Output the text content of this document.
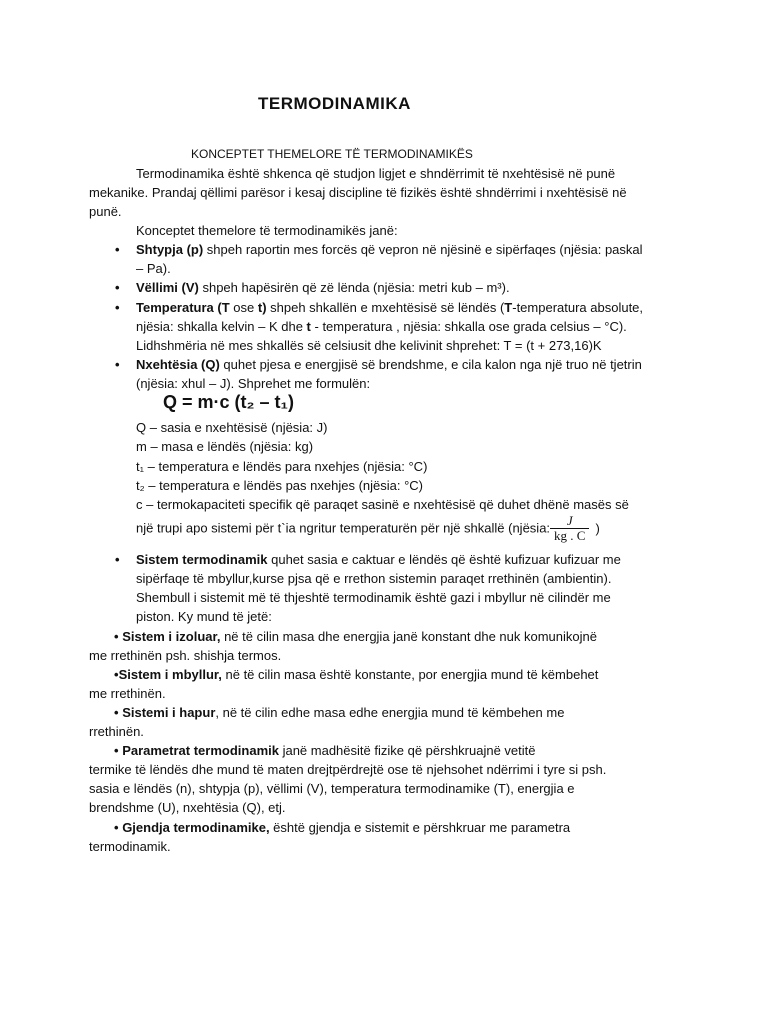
TERMODINAMIKA
KONCEPTET THEMELORE TË TERMODINAMIKËS
Termodinamika është shkenca që studjon ligjet e shndërrimit të nxehtësisë në punë
mekanike. Prandaj qëllimi parësor i kesaj discipline të fizikës është shndërrimi i nxehtësisë në
punë.
Konceptet themelore të termodinamikës janë:
• Shtypja (p) shpeh raportin mes forcës që vepron në njësinë e sipërfaqes (njësia: paskal
– Pa).
• Vëllimi (V) shpeh hapësirën që zë lënda (njësia: metri kub – m³).
• Temperatura (T ose t) shpeh shkallën e mxehtësisë së lëndës (T-temperatura absolute,
njësia: shkalla kelvin – K dhe t - temperatura , njësia: shkalla ose grada celsius – °C).
Lidhshmëria në mes shkallës së celsiusit dhe kelivinit shprehet: T = (t + 273,16)K
• Nxehtësia (Q) quhet pjesa e energjisë së brendshme, e cila kalon nga një truo në tjetrin
(njësia: xhul – J). Shprehet me formulën:
Q = m·c (t₂ – t₁)
Q – sasia e nxehtësisë (njësia: J)
m – masa e lëndës (njësia: kg)
t₁ – temperatura e lëndës para nxehjes (njësia: °C)
t₂ – temperatura e lëndës pas nxehjes (njësia: °C)
c – termokapaciteti specifik që paraqet sasinë e nxehtësisë që duhet dhënë masës së
një trupi apo sistemi për t`ia ngritur temperaturën për një shkallë (njësia: $\frac{J}{kg . C}$ )
• Sistem termodinamik quhet sasia e caktuar e lëndës që është kufizuar kufizuar me
sipërfaqe të mbyllur,kurse pjsa që e rrethon sistemin paraqet rrethinën (ambientin).
Shembull i sistemit më të thjeshtë termodinamik është gazi i mbyllur në cilindër me
piston. Ky mund të jetë:
• Sistem i izoluar, në të cilin masa dhe energjia janë konstant dhe nuk komunikojnë
me rrethinën psh. shishja termos.
•Sistem i mbyllur, në të cilin masa është konstante, por energjia mund të këmbehet
me rrethinën.
• Sistemi i hapur, në të cilin edhe masa edhe energjia mund të këmbehen me
rrethinën.
• Parametrat termodinamik janë madhësitë fizike që përshkruajnë vetitë
termike të lëndës dhe mund të maten drejtpërdrejtë ose të njehsohet ndërrimi i tyre si psh.
sasia e lëndës (n), shtypja (p), vëllimi (V), temperatura termodinamike (T), energjia e
brendshme (U), nxehtësia (Q), etj.
• Gjendja termodinamike, është gjendja e sistemit e përshkruar me parametra
termodinamik.
